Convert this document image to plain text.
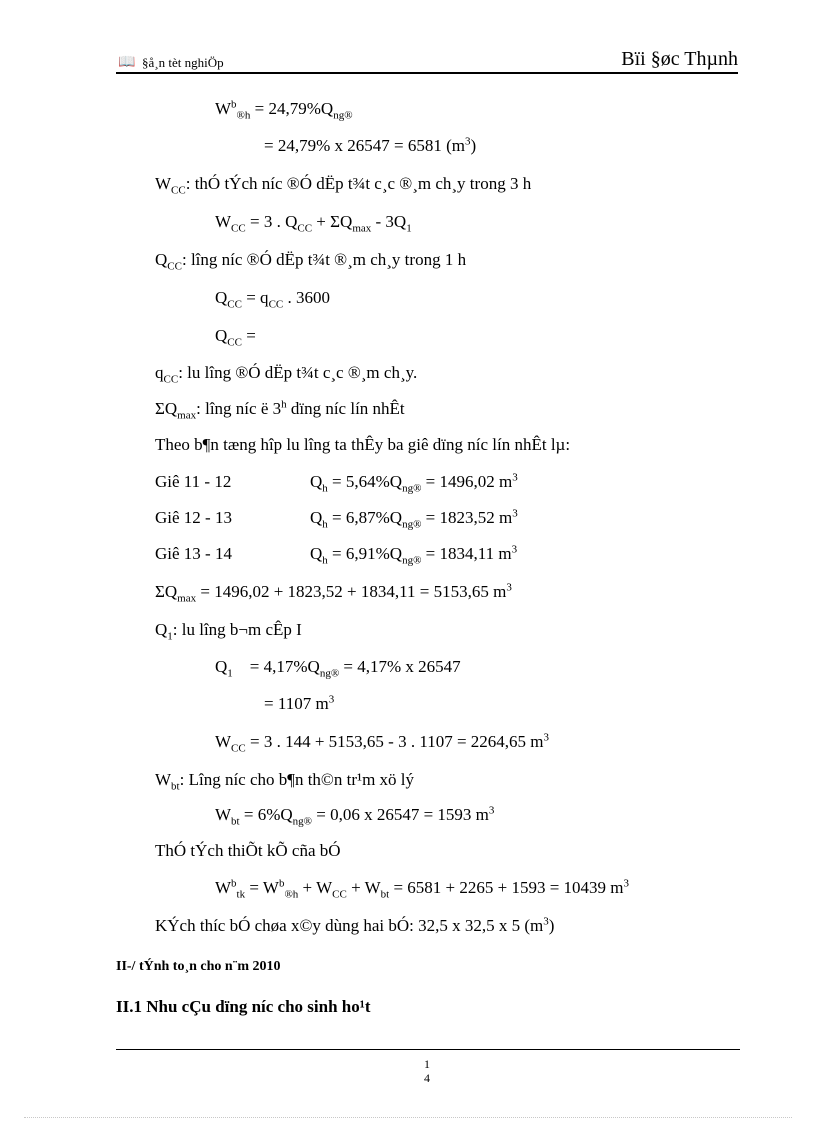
📖 §å¸n tèt nghiÖp	Bïi §øc Thµnh
$W^b_{®h} = 24,79\%Q_{ng®}$
= 24,79% x 26547 = 6581 $(m^3)$
$W_{CC}$: thÓ tÝch níc ®Ó dËp t¾t c¸c ®¸m ch¸y trong 3 h
$W_{CC} = 3$ . $Q_{CC} + \Sigma Q_{max} - 3Q_1$
$Q_{CC}$: lîng níc ®Ó dËp t¾t ®¸m ch¸y trong 1 h
$Q_{CC} = q_{CC}$ . 3600
$Q_{CC}$ =
$q_{CC}$: lu lîng ®Ó dËp t¾t c¸c ®¸m ch¸y.
$\Sigma Q_{max}$: lîng níc ë 3$^h$ dïng níc lín nhÊt
Theo b¶n tæng hîp lu lîng ta thÊy ba giê dïng níc lín nhÊt lµ:
Giê 11 - 12	$Q_h = 5,64\%Q_{ng®} = 1496,02$ $m^3$
Giê 12 - 13	$Q_h = 6,87\%Q_{ng®} = 1823,52$ $m^3$
Giê 13 - 14	$Q_h = 6,91\%Q_{ng®} = 1834,11$ $m^3$
$\Sigma Q_{max} = 1496,02 + 1823,52 + 1834,11 = 5153,65$ $m^3$
$Q_1$: lu lîng b¬m cÊp I
$Q_1$    = $4,17\%Q_{ng®} = 4,17\%$ x 26547
= 1107 $m^3$
$W_{CC} = 3$ . 144 + 5153,65 - 3 . 1107 = 2264,65 $m^3$
$W_{bt}$: Lîng níc cho b¶n th©n tr¹m xö lý
$W_{bt} = 6\%Q_{ng®} = 0,06$ x 26547 = 1593 $m^3$
ThÓ tÝch thiÕt kÕ cña bÓ
$W^b_{tk} = W^b_{®h} + W_{CC} + W_{bt} = 6581 + 2265 + 1593 = 10439$ $m^3$
KÝch thíc bÓ chøa x©y dùng hai bÓ: 32,5 x 32,5 x 5 $(m^3)$
II-/ tÝnh to¸n cho n¨m 2010
II.1 Nhu cÇu dïng níc cho sinh ho¹t
1
4
